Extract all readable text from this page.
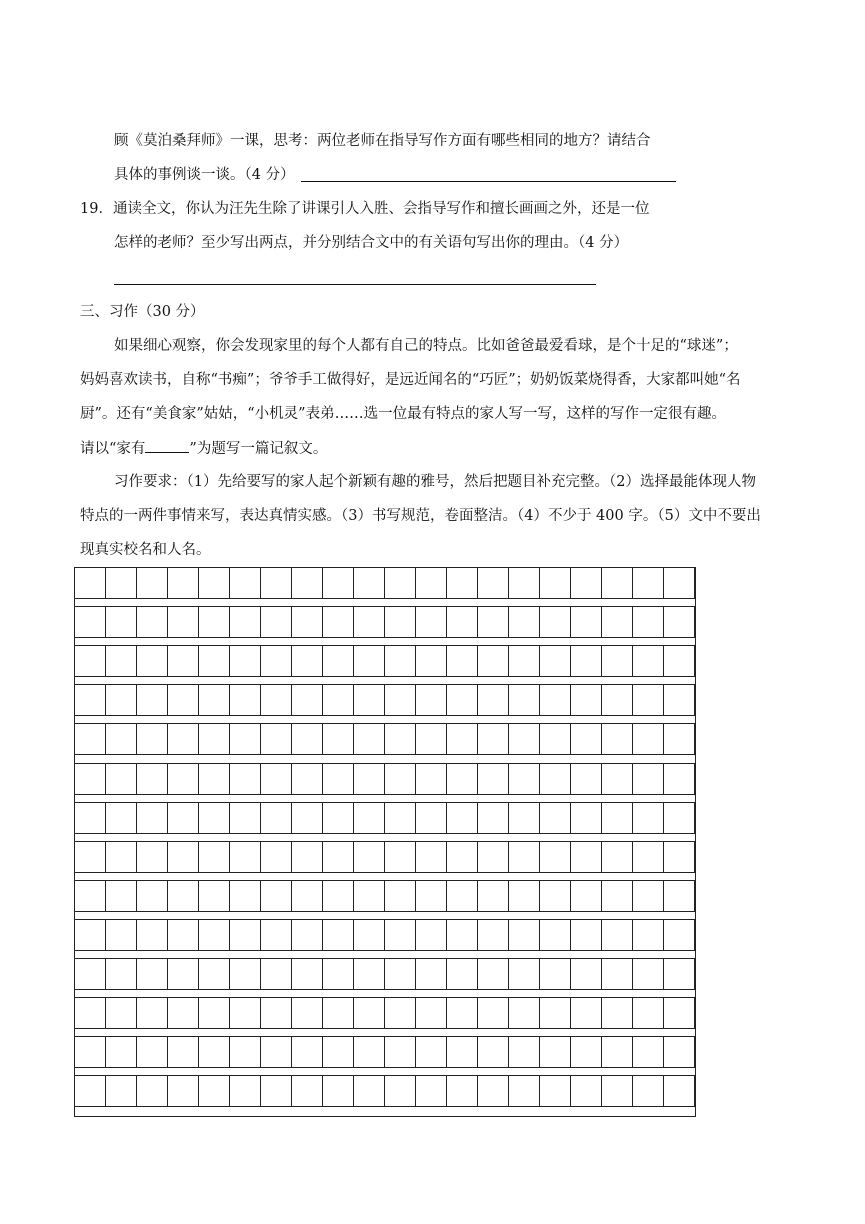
顾《莫泊桑拜师》一课，思考：两位老师在指导写作方面有哪些相同的地方？请结合
具体的事例谈一谈。（4 分）
19．通读全文，你认为汪先生除了讲课引人入胜、会指导写作和擅长画画之外，还是一位
怎样的老师？至少写出两点，并分别结合文中的有关语句写出你的理由。（4 分）
三、习作（30 分）
如果细心观察，你会发现家里的每个人都有自己的特点。比如爸爸最爱看球，是个十足的“球迷”；
妈妈喜欢读书，自称“书痴”；爷爷手工做得好，是远近闻名的“巧匠”；奶奶饭菜烧得香，大家都叫她“名
厨”。还有“美食家”姑姑，“小机灵”表弟……选一位最有特点的家人写一写，这样的写作一定很有趣。
请以“家有	”为题写一篇记叙文。
习作要求：（1）先给要写的家人起个新颖有趣的雅号，然后把题目补充完整。（2）选择最能体现人物
特点的一两件事情来写，表达真情实感。（3）书写规范，卷面整洁。（4）不少于 400 字。（5）文中不要出
现真实校名和人名。
